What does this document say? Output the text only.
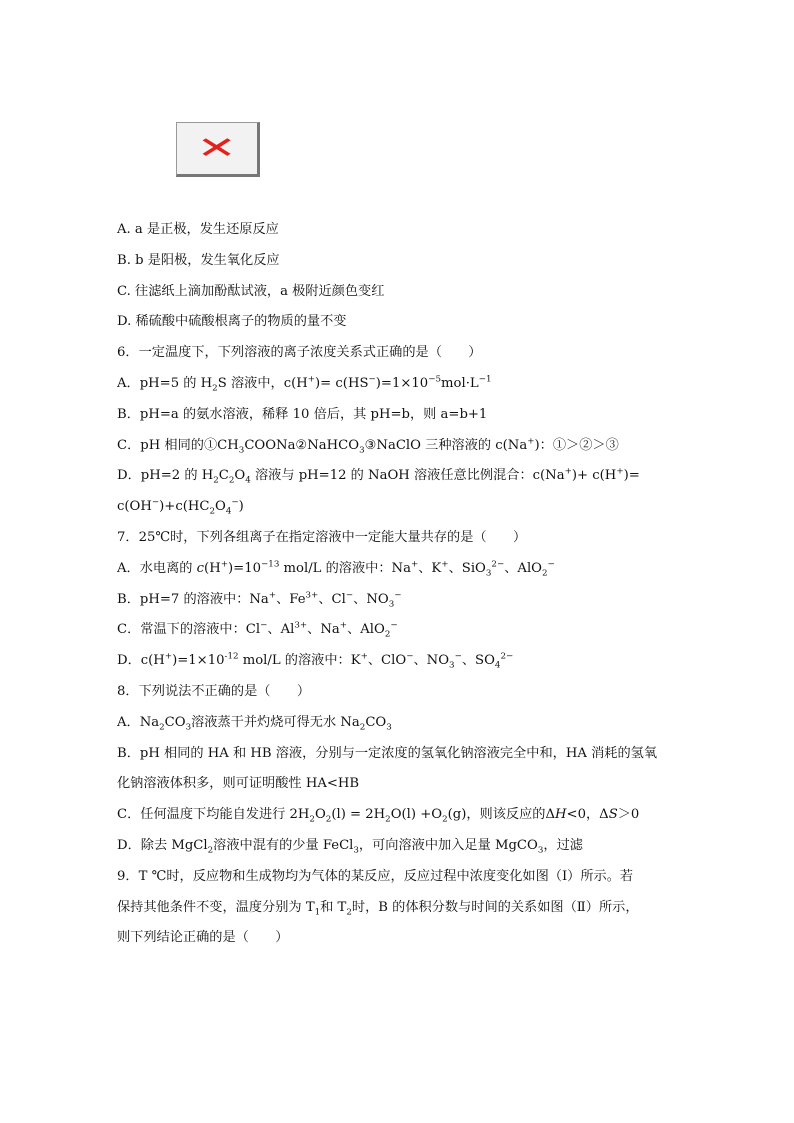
✕
A. a 是正极，发生还原反应
B. b 是阳极，发生氧化反应
C. 往滤纸上滴加酚酞试液，a 极附近颜色变红
D. 稀硫酸中硫酸根离子的物质的量不变
6．一定温度下，下列溶液的离子浓度关系式正确的是（　　）
A．pH=5 的 $H_2S$ 溶液中，$c(H^+)= c(HS^-)=1\times 10^{-5}mol\cdot L^{-1}$
B．pH=a 的氨水溶液，稀释 10 倍后，其 pH=b，则 a=b+1
C．pH 相同的$①CH_3COONa②NaHCO_3③NaClO$ 三种溶液的 c(Na+)：①＞②＞③
D．pH=2 的 $H_2C_2O_4$ 溶液与 pH=12 的 NaOH 溶液任意比例混合：c(Na+)+ c(H+)=
$c(OH^-)+c(HC_2O_4^-)$
7．25℃时，下列各组离子在指定溶液中一定能大量共存的是（　　）
A．水电离的 $c(H^+)=10^{-13}$ mol/L 的溶液中：Na+、K+、SiO$_3^{2-}$、AlO$_2$−
B．pH=7 的溶液中：Na+、$Fe^{3+}$、Cl−、$NO_3^-$
C．常温下的溶液中：Cl−、$Al^{3+}$、Na+、AlO$_2$−
D．$c(H^+)=1\times 10^{-12}$ mol/L 的溶液中：K+、ClO−、$NO_3^-$、$SO_4^{2-}$
8．下列说法不正确的是（　　）
A．$Na_2CO_3$溶液蒸干并灼烧可得无水 $Na_2CO_3$
B．pH 相同的 HA 和 HB 溶液，分别与一定浓度的氢氧化钠溶液完全中和，HA 消耗的氢氧
化钠溶液体积多，则可证明酸性 HA<HB
C．任何温度下均能自发进行 $2H_2O_2(l) = 2H_2O(l) +O_2(g)$，则该反应的ΔH<0，ΔS＞0
D．除去 MgCl$_2$溶液中混有的少量 FeCl$_3$，可向溶液中加入足量 MgCO$_3$，过滤
9．T ℃时，反应物和生成物均为气体的某反应，反应过程中浓度变化如图（Ⅰ）所示。若
保持其他条件不变，温度分别为 $T_1$和 $T_2$时，B 的体积分数与时间的关系如图（Ⅱ）所示，
则下列结论正确的是（　　）
